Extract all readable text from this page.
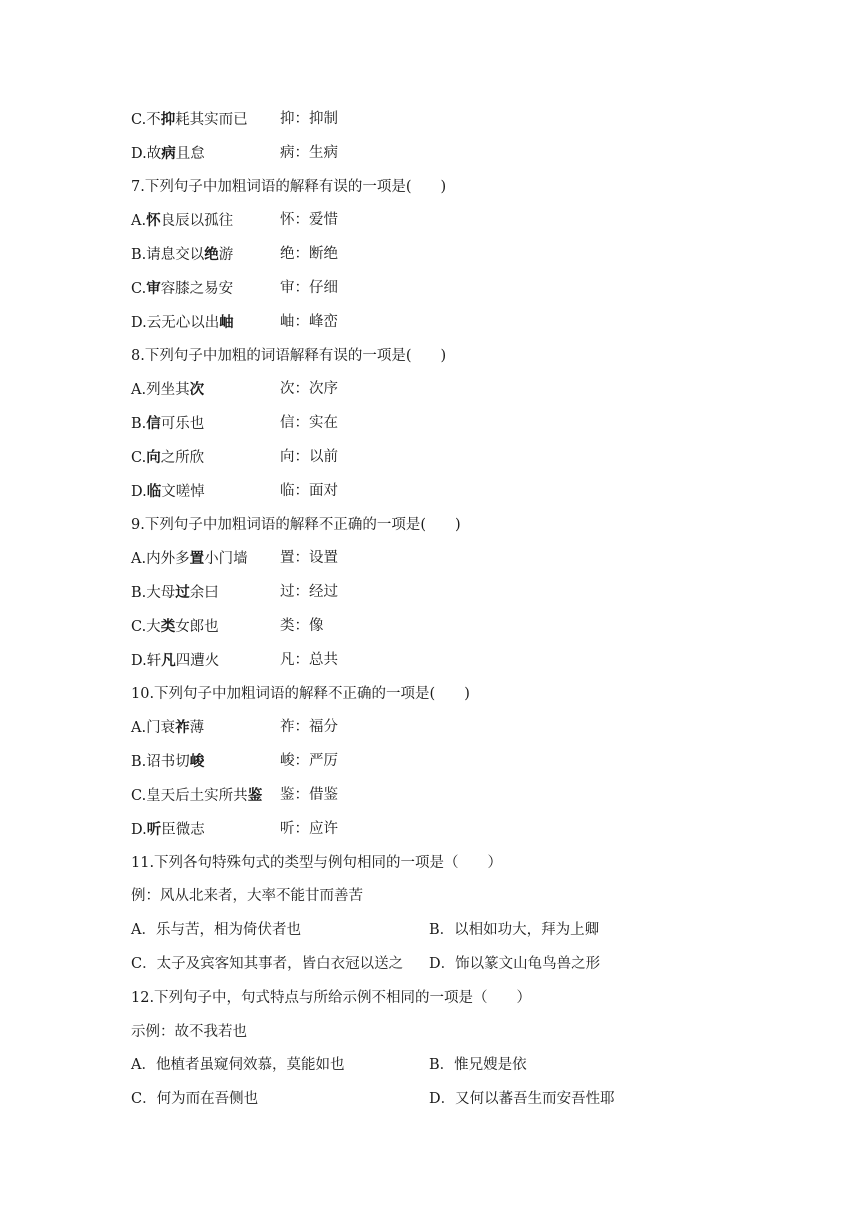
C.不抑耗其实而已 抑：抑制
D.故病且怠	病：生病
7.下列句子中加粗词语的解释有误的一项是(　　)
A.怀良辰以孤往	怀：爱惜
B.请息交以绝游	绝：断绝
C.审容膝之易安	审：仔细
D.云无心以出岫	岫：峰峦
8.下列句子中加粗的词语解释有误的一项是(　　)
A.列坐其次	次：次序
B.信可乐也	信：实在
C.向之所欣	向：以前
D.临文嗟悼	临：面对
9.下列句子中加粗词语的解释不正确的一项是(　　)
A.内外多置小门墙 置：设置
B.大母过余曰	过：经过
C.大类女郎也	类：像
D.轩凡四遭火	凡：总共
10.下列句子中加粗词语的解释不正确的一项是(　　)
A.门衰祚薄	祚：福分
B.诏书切峻	峻：严厉
C.皇天后土实所共鉴 鉴：借鉴
D.听臣微志	听：应许
11.下列各句特殊句式的类型与例句相同的一项是（　　）
例：风从北来者，大率不能甘而善苦
A．乐与苦，相为倚伏者也	B．以相如功大，拜为上卿
C．太子及宾客知其事者，皆白衣冠以送之 D．饰以篆文山龟鸟兽之形
12.下列句子中，句式特点与所给示例不相同的一项是（　　）
示例：故不我若也
A．他植者虽窥伺效慕，莫能如也	B．惟兄嫂是依
C．何为而在吾侧也	D．又何以蕃吾生而安吾性耶
